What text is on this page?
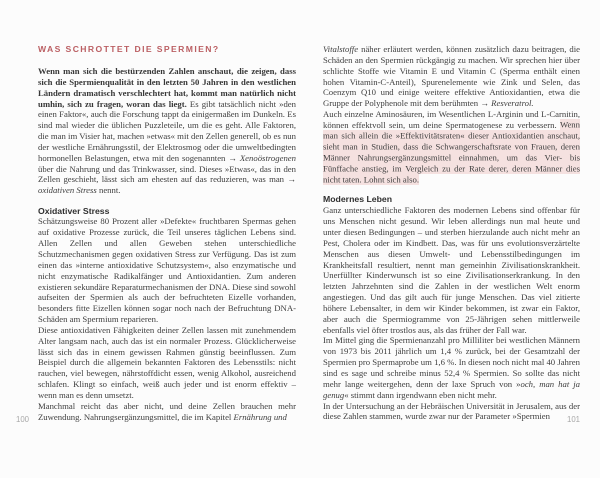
WAS SCHROTTET DIE SPERMIEN?

Wenn man sich die bestürzenden Zahlen anschaut, die zeigen, dass sich die Spermienqualität in den letzten 50 Jahren in den westlichen Ländern dramatisch verschlechtert hat, kommt man natürlich nicht umhin, sich zu fragen, woran das liegt. Es gibt tatsächlich nicht »den einen Faktor«, auch die Forschung tappt da einigermaßen im Dunkeln. Es sind mal wieder die üblichen Puzzleteile, um die es geht. Alle Faktoren, die man im Visier hat, machen »etwas« mit den Zellen generell, ob es nun der westliche Ernährungsstil, der Elektrosmog oder die umweltbedingten hormonellen Belastungen, etwa mit den sogenannten → Xenoöstrogenen über die Nahrung und das Trinkwasser, sind. Dieses »Etwas«, das in den Zellen geschieht, lässt sich am ehesten auf das reduzieren, was man → oxidativen Stress nennt.

Oxidativer Stress

Schätzungsweise 80 Prozent aller »Defekte« fruchtbaren Spermas gehen auf oxidative Prozesse zurück, die Teil unseres täglichen Lebens sind. Allen Zellen und allen Geweben stehen unterschiedliche Schutzmechanismen gegen oxidativen Stress zur Verfügung. Das ist zum einen das »interne antioxidative Schutzsystem«, also enzymatische und nicht enzymatische Radikalfänger und Antioxidantien. Zum anderen existieren sekundäre Reparaturmechanismen der DNA. Diese sind sowohl aufseiten der Spermien als auch der befruchteten Eizelle vorhanden, besonders fitte Eizellen können sogar noch nach der Befruchtung DNA-Schäden am Spermium reparieren.

Diese antioxidativen Fähigkeiten deiner Zellen lassen mit zunehmendem Alter langsam nach, auch das ist ein normaler Prozess. Glücklicherweise lässt sich das in einem gewissen Rahmen günstig beeinflussen. Zum Beispiel durch die allgemein bekannten Faktoren des Lebensstils: nicht rauchen, viel bewegen, nährstoffdicht essen, wenig Alkohol, ausreichend schlafen. Klingt so einfach, weiß auch jeder und ist enorm effektiv – wenn man es denn umsetzt.

Manchmal reicht das aber nicht, und deine Zellen brauchen mehr Zuwendung. Nahrungsergänzungsmittel, die im Kapitel Ernährung und

Vitalstoffe näher erläutert werden, können zusätzlich dazu beitragen, die Schäden an den Spermien rückgängig zu machen. Wir sprechen hier über schlichte Stoffe wie Vitamin E und Vitamin C (Sperma enthält einen hohen Vitamin-C-Anteil), Spurenelemente wie Zink und Selen, das Coenzym Q10 und einige weitere effektive Antioxidantien, etwa die Gruppe der Polyphenole mit dem berühmten → Resveratrol.

Auch einzelne Aminosäuren, im Wesentlichen L-Arginin und L-Carnitin, können effektvoll sein, um deine Spermatogenese zu verbessern. Wenn man sich allein die »Effektivitätsraten« dieser Antioxidantien anschaut, sieht man in Studien, dass die Schwangerschaftsrate von Frauen, deren Männer Nahrungsergänzungsmittel einnahmen, um das Vier- bis Fünffache anstieg, im Vergleich zu der Rate derer, deren Männer dies nicht taten. Lohnt sich also.

Modernes Leben

Ganz unterschiedliche Faktoren des modernen Lebens sind offenbar für uns Menschen nicht gesund. Wir leben allerdings nun mal heute und unter diesen Bedingungen – und sterben hierzulande auch nicht mehr an Pest, Cholera oder im Kindbett. Das, was für uns evolutionsverzärtelte Menschen aus diesen Umwelt- und Lebensstilbedingungen im Krankheitsfall resultiert, nennt man gemeinhin Zivilisationskrankheit. Unerfüllter Kinderwunsch ist so eine Zivilisationserkrankung. In den letzten Jahrzehnten sind die Zahlen in der westlichen Welt enorm angestiegen. Und das gilt auch für junge Menschen. Das viel zitierte höhere Lebensalter, in dem wir Kinder bekommen, ist zwar ein Faktor, aber auch die Spermiogramme von 25-Jährigen sehen mittlerweile ebenfalls viel öfter trostlos aus, als das früher der Fall war.

Im Mittel ging die Spermienanzahl pro Milliliter bei westlichen Männern von 1973 bis 2011 jährlich um 1,4 % zurück, bei der Gesamtzahl der Spermien pro Spermaprobe um 1,6 %. In diesen noch nicht mal 40 Jahren sind es sage und schreibe minus 52,4 % Spermien. So sollte das nicht mehr lange weitergehen, denn der laxe Spruch von »och, man hat ja genug« stimmt dann irgendwann eben nicht mehr.

In der Untersuchung an der Hebräischen Universität in Jerusalem, aus der diese Zahlen stammen, wurde zwar nur der Parameter »Spermien

100	101
